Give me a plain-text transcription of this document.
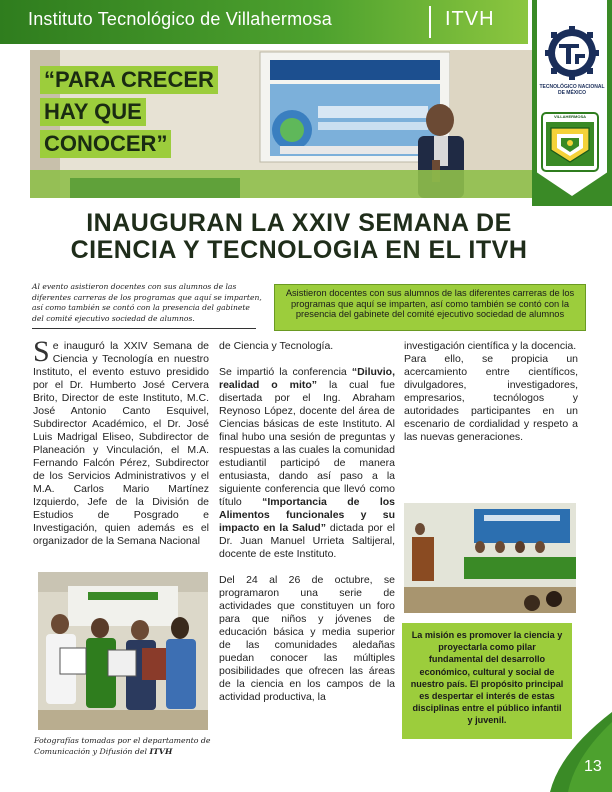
Instituto Tecnológico de Villahermosa	ITVH
TECNOLÓGICO NACIONAL DE MÉXICO
VILLAHERMOSA
“PARA CRECER
HAY QUE
CONOCER”
INAUGURAN LA XXIV SEMANA DE
CIENCIA Y TECNOLOGIA EN EL ITVH
Al evento asistieron docentes con sus alumnos de las diferentes carreras de los programas que aquí se imparten, así como también se contó con la presencia del gabinete del comité ejecutivo sociedad de alumnos.
Asistieron docentes con sus alumnos de las diferentes carreras de los programas que aquí se imparten, así como también se contó con la presencia del gabinete del comité ejecutivo sociedad de alumnos
S e inauguró la XXIV Semana de Ciencia y Tecnología en nuestro Instituto, el evento estuvo presidido por el Dr. Humberto José Cervera Brito, Director de este Instituto, M.C. José Antonio Canto Esquivel, Subdirector Académico, el Dr. José Luis Madrigal Eliseo, Subdirector de Planeación y Vinculación, el M.A. Fernando Falcón Pérez, Subdirector de los Servicios Administrativos y el M.A. Carlos Mario Martínez Izquierdo, Jefe de la División de Estudios de Posgrado e Investigación, quien además es el organizador de la Semana Nacional

de Ciencia y Tecnología.

Se impartió la conferencia “Diluvio, realidad o mito” la cual fue disertada por el Ing. Abraham Reynoso López, docente del área de Ciencias básicas de este Instituto. Al final hubo una sesión de preguntas y respuestas a las cuales la comunidad estudiantil participó de manera entusiasta, dando así paso a la siguiente conferencia que llevó como título “Importancia de los Alimentos funcionales y su impacto en la Salud” dictada por el Dr. Juan Manuel Urrieta Saltijeral, docente de este Instituto.

Del 24 al 26 de octubre, se programaron una serie de actividades que constituyen un foro para que niños y jóvenes de educación básica y media superior de las comunidades aledañas puedan conocer las múltiples posibilidades que ofrecen las áreas de la ciencia en los campos de la actividad productiva, la

investigación científica y la docencia.

Para ello, se propicia un acercamiento entre científicos, divulgadores, investigadores, empresarios, tecnólogos y autoridades participantes en un escenario de cordialidad y respeto a las nuevas generaciones.

La misión es promover la ciencia y proyectarla como pilar fundamental del desarrollo económico, cultural y social de nuestro país. El propósito principal es despertar el interés de estas disciplinas entre el público infantil y juvenil.
Fotografías tomadas por el departamento de Comunicación y Difusión del ITVH
13
